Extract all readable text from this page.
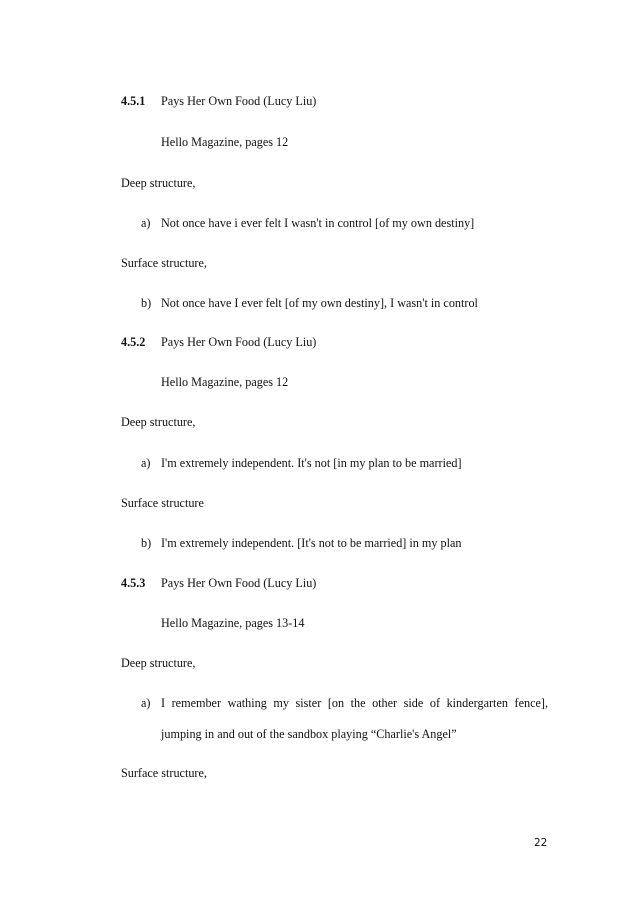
4.5.1 Pays Her Own Food (Lucy Liu)
Hello Magazine, pages 12
Deep structure,
a) Not once have i ever felt I wasn't in control [of my own destiny]
Surface structure,
b) Not once have I ever felt [of my own destiny], I wasn't in control
4.5.2 Pays Her Own Food (Lucy Liu)
Hello Magazine, pages 12
Deep structure,
a) I'm extremely independent. It's not [in my plan to be married]
Surface structure
b) I'm extremely independent. [It's not to be married] in my plan
4.5.3 Pays Her Own Food (Lucy Liu)
Hello Magazine, pages 13-14
Deep structure,
a) I remember wathing my sister [on the other side of kindergarten fence],
jumping in and out of the sandbox playing “Charlie's Angel”
Surface structure,
22
